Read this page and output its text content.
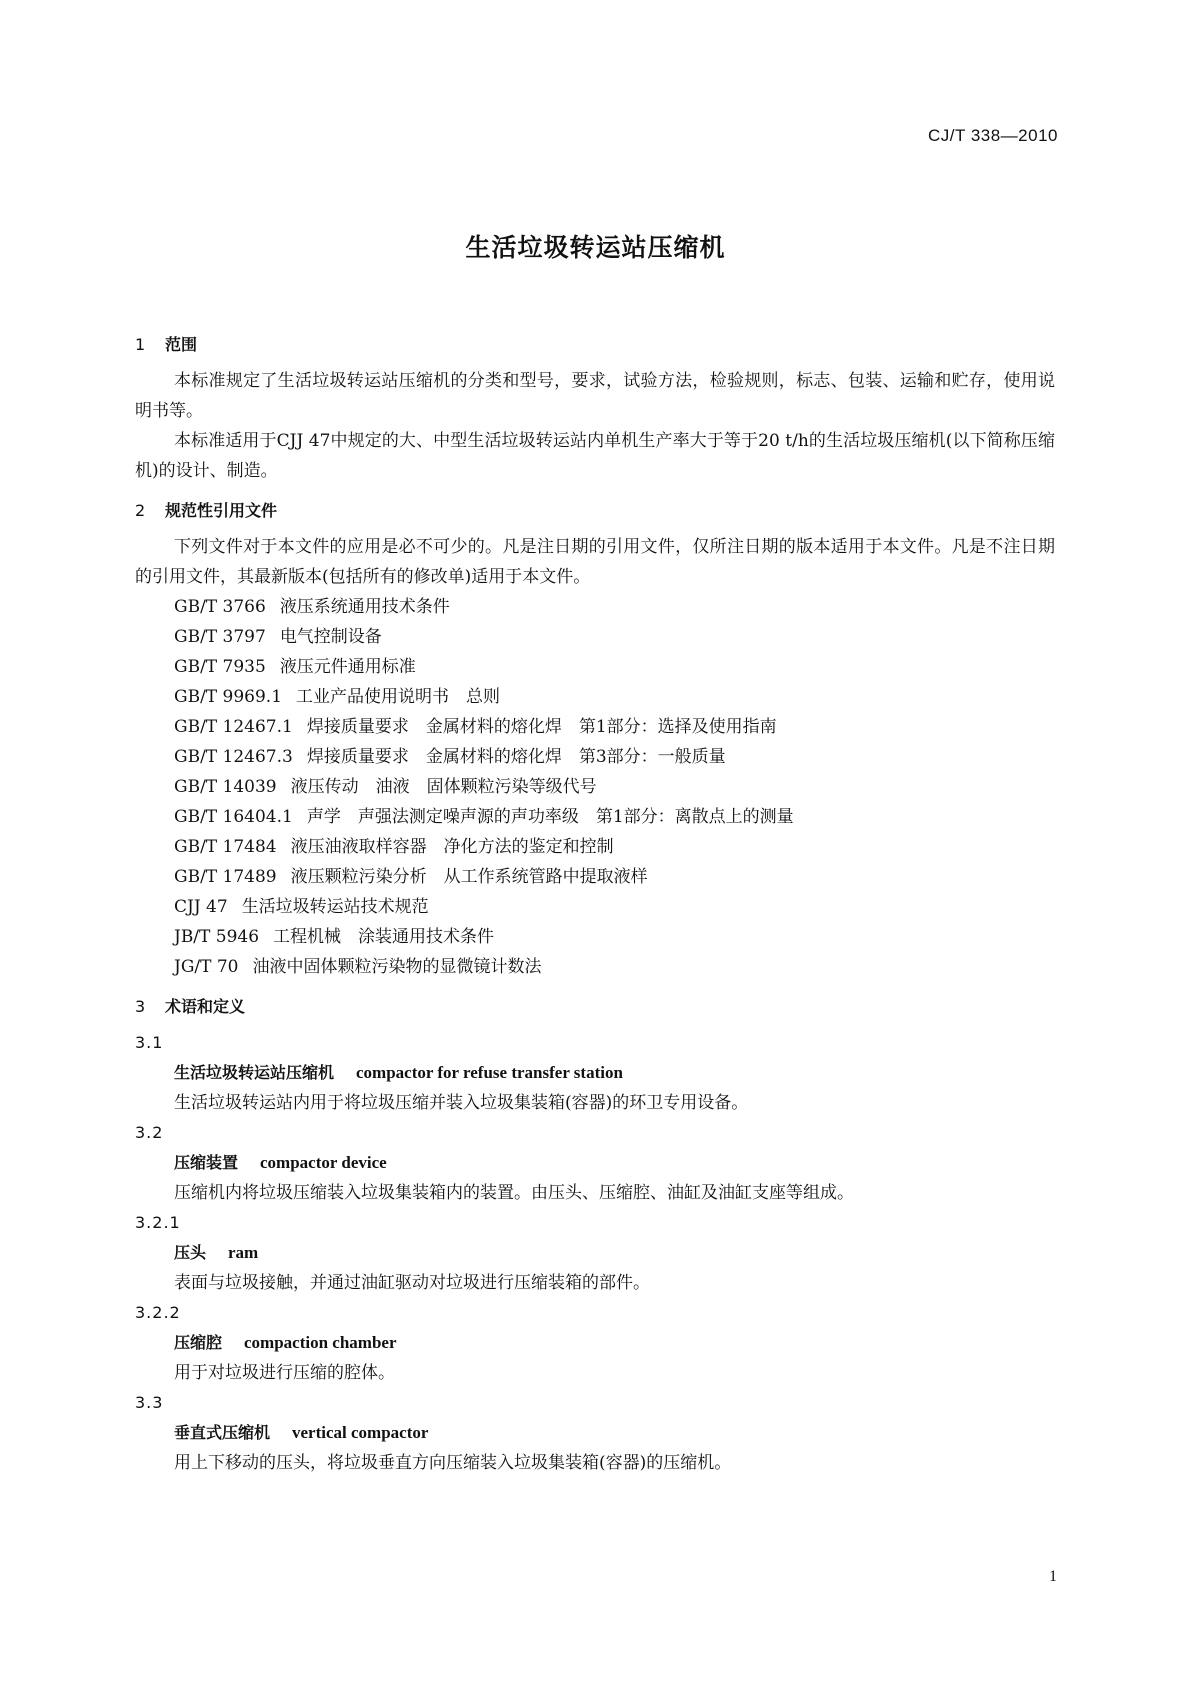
CJ/T 338—2010
生活垃圾转运站压缩机
1 范围

本标准规定了生活垃圾转运站压缩机的分类和型号，要求，试验方法，检验规则，标志、包装、运输和贮存，使用说明书等。

本标准适用于CJJ 47中规定的大、中型生活垃圾转运站内单机生产率大于等于20 t/h的生活垃圾压缩机(以下简称压缩机)的设计、制造。

2 规范性引用文件

下列文件对于本文件的应用是必不可少的。凡是注日期的引用文件，仅所注日期的版本适用于本文件。凡是不注日期的引用文件，其最新版本(包括所有的修改单)适用于本文件。

GB/T 3766 液压系统通用技术条件
GB/T 3797 电气控制设备
GB/T 7935 液压元件通用标准
GB/T 9969.1 工业产品使用说明书　总则
GB/T 12467.1 焊接质量要求　金属材料的熔化焊　第1部分：选择及使用指南
GB/T 12467.3 焊接质量要求　金属材料的熔化焊　第3部分：一般质量
GB/T 14039 液压传动　油液　固体颗粒污染等级代号
GB/T 16404.1 声学　声强法测定噪声源的声功率级　第1部分：离散点上的测量
GB/T 17484 液压油液取样容器　净化方法的鉴定和控制
GB/T 17489 液压颗粒污染分析　从工作系统管路中提取液样
CJJ 47 生活垃圾转运站技术规范
JB/T 5946 工程机械　涂装通用技术条件
JG/T 70 油液中固体颗粒污染物的显微镜计数法
3 术语和定义
3.1
生活垃圾转运站压缩机 compactor for refuse transfer station
生活垃圾转运站内用于将垃圾压缩并装入垃圾集装箱(容器)的环卫专用设备。
3.2
压缩装置 compactor device
压缩机内将垃圾压缩装入垃圾集装箱内的装置。由压头、压缩腔、油缸及油缸支座等组成。
3.2.1
压头 ram
表面与垃圾接触，并通过油缸驱动对垃圾进行压缩装箱的部件。
3.2.2
压缩腔 compaction chamber
用于对垃圾进行压缩的腔体。
3.3
垂直式压缩机 vertical compactor
用上下移动的压头，将垃圾垂直方向压缩装入垃圾集装箱(容器)的压缩机。
1
